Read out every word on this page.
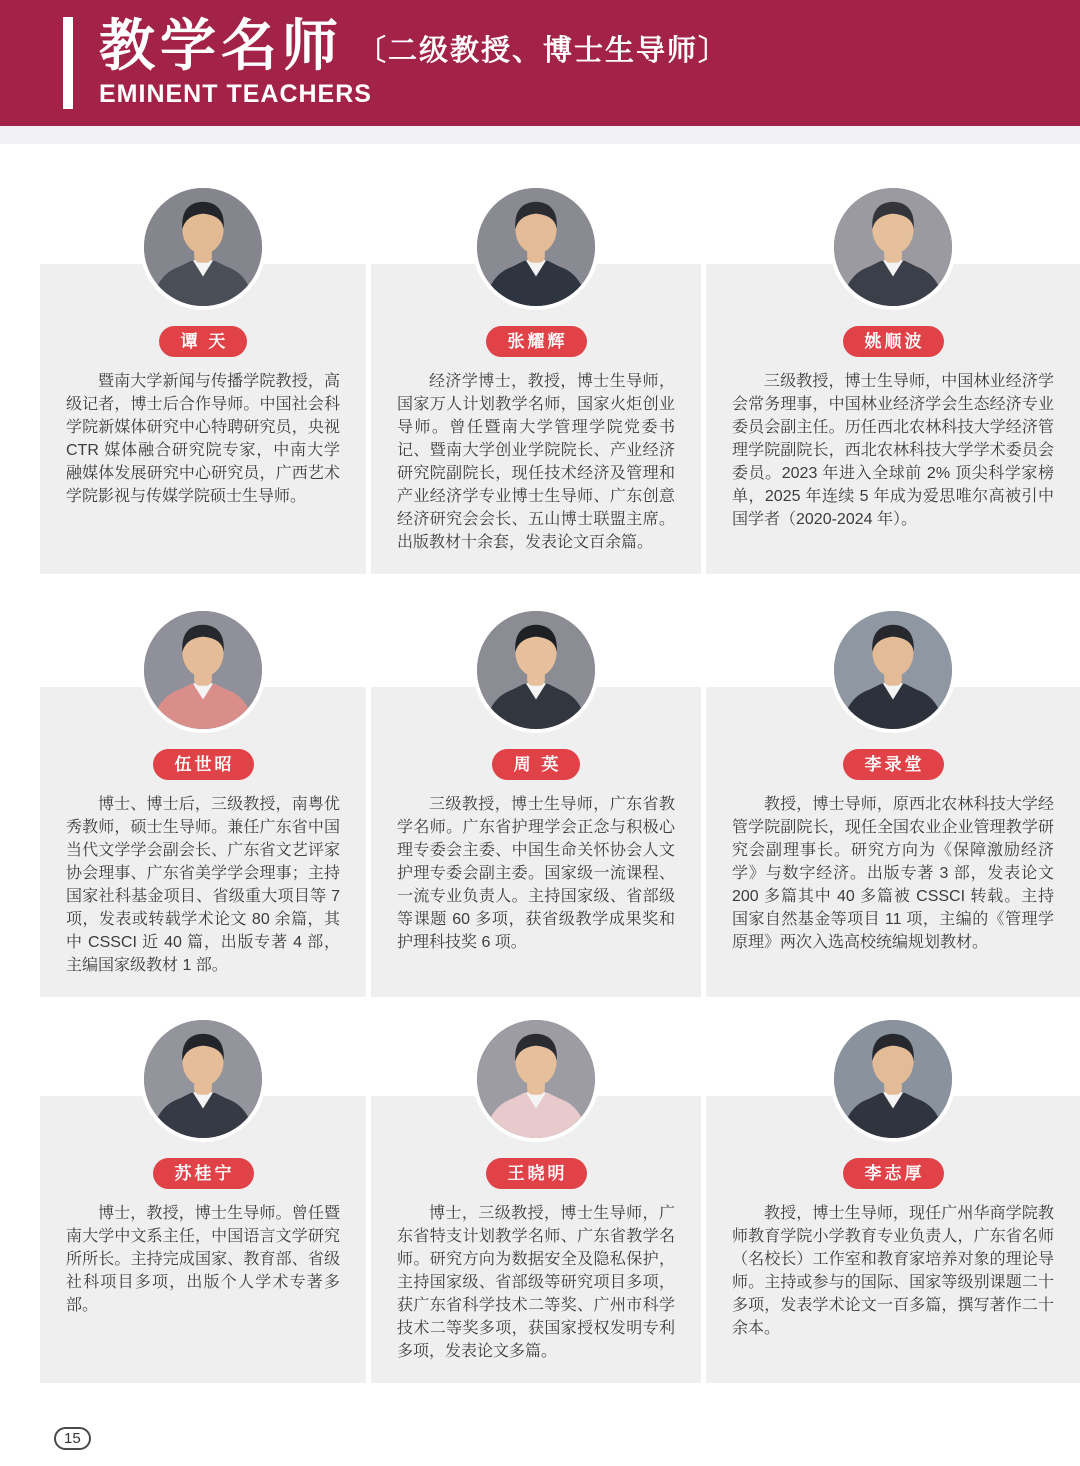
教学名师 〔二级教授、博士生导师〕
EMINENT TEACHERS
谭 天

暨南大学新闻与传播学院教授，高级记者，博士后合作导师。中国社会科学院新媒体研究中心特聘研究员，央视 CTR 媒体融合研究院专家，中南大学融媒体发展研究中心研究员，广西艺术学院影视与传媒学院硕士生导师。

张耀辉

经济学博士，教授，博士生导师，国家万人计划教学名师，国家火炬创业导师。曾任暨南大学管理学院党委书记、暨南大学创业学院院长、产业经济研究院副院长，现任技术经济及管理和产业经济学专业博士生导师、广东创意经济研究会会长、五山博士联盟主席。出版教材十余套，发表论文百余篇。

姚顺波

三级教授，博士生导师，中国林业经济学会常务理事，中国林业经济学会生态经济专业委员会副主任。历任西北农林科技大学经济管理学院副院长，西北农林科技大学学术委员会委员。2023 年进入全球前 2% 顶尖科学家榜单，2025 年连续 5 年成为爱思唯尔高被引中国学者（2020-2024 年）。

伍世昭

博士、博士后，三级教授，南粤优秀教师，硕士生导师。兼任广东省中国当代文学学会副会长、广东省文艺评家协会理事、广东省美学学会理事；主持国家社科基金项目、省级重大项目等 7 项，发表或转载学术论文 80 余篇，其中 CSSCI 近 40 篇，出版专著 4 部，主编国家级教材 1 部。

周 英

三级教授，博士生导师，广东省教学名师。广东省护理学会正念与积极心理专委会主委、中国生命关怀协会人文护理专委会副主委。国家级一流课程、一流专业负责人。主持国家级、省部级等课题 60 多项，获省级教学成果奖和护理科技奖 6 项。

李录堂

教授，博士导师，原西北农林科技大学经管学院副院长，现任全国农业企业管理教学研究会副理事长。研究方向为《保障激励经济学》与数字经济。出版专著 3 部，发表论文 200 多篇其中 40 多篇被 CSSCI 转载。主持国家自然基金等项目 11 项，主编的《管理学原理》两次入选高校统编规划教材。

苏桂宁

博士，教授，博士生导师。曾任暨南大学中文系主任，中国语言文学研究所所长。主持完成国家、教育部、省级社科项目多项，出版个人学术专著多部。

王晓明

博士，三级教授，博士生导师，广东省特支计划教学名师、广东省教学名师。研究方向为数据安全及隐私保护，主持国家级、省部级等研究项目多项，获广东省科学技术二等奖、广州市科学技术二等奖多项，获国家授权发明专利多项，发表论文多篇。

李志厚

教授，博士生导师，现任广州华商学院教师教育学院小学教育专业负责人，广东省名师（名校长）工作室和教育家培养对象的理论导师。主持或参与的国际、国家等级别课题二十多项，发表学术论文一百多篇，撰写著作二十余本。

15
